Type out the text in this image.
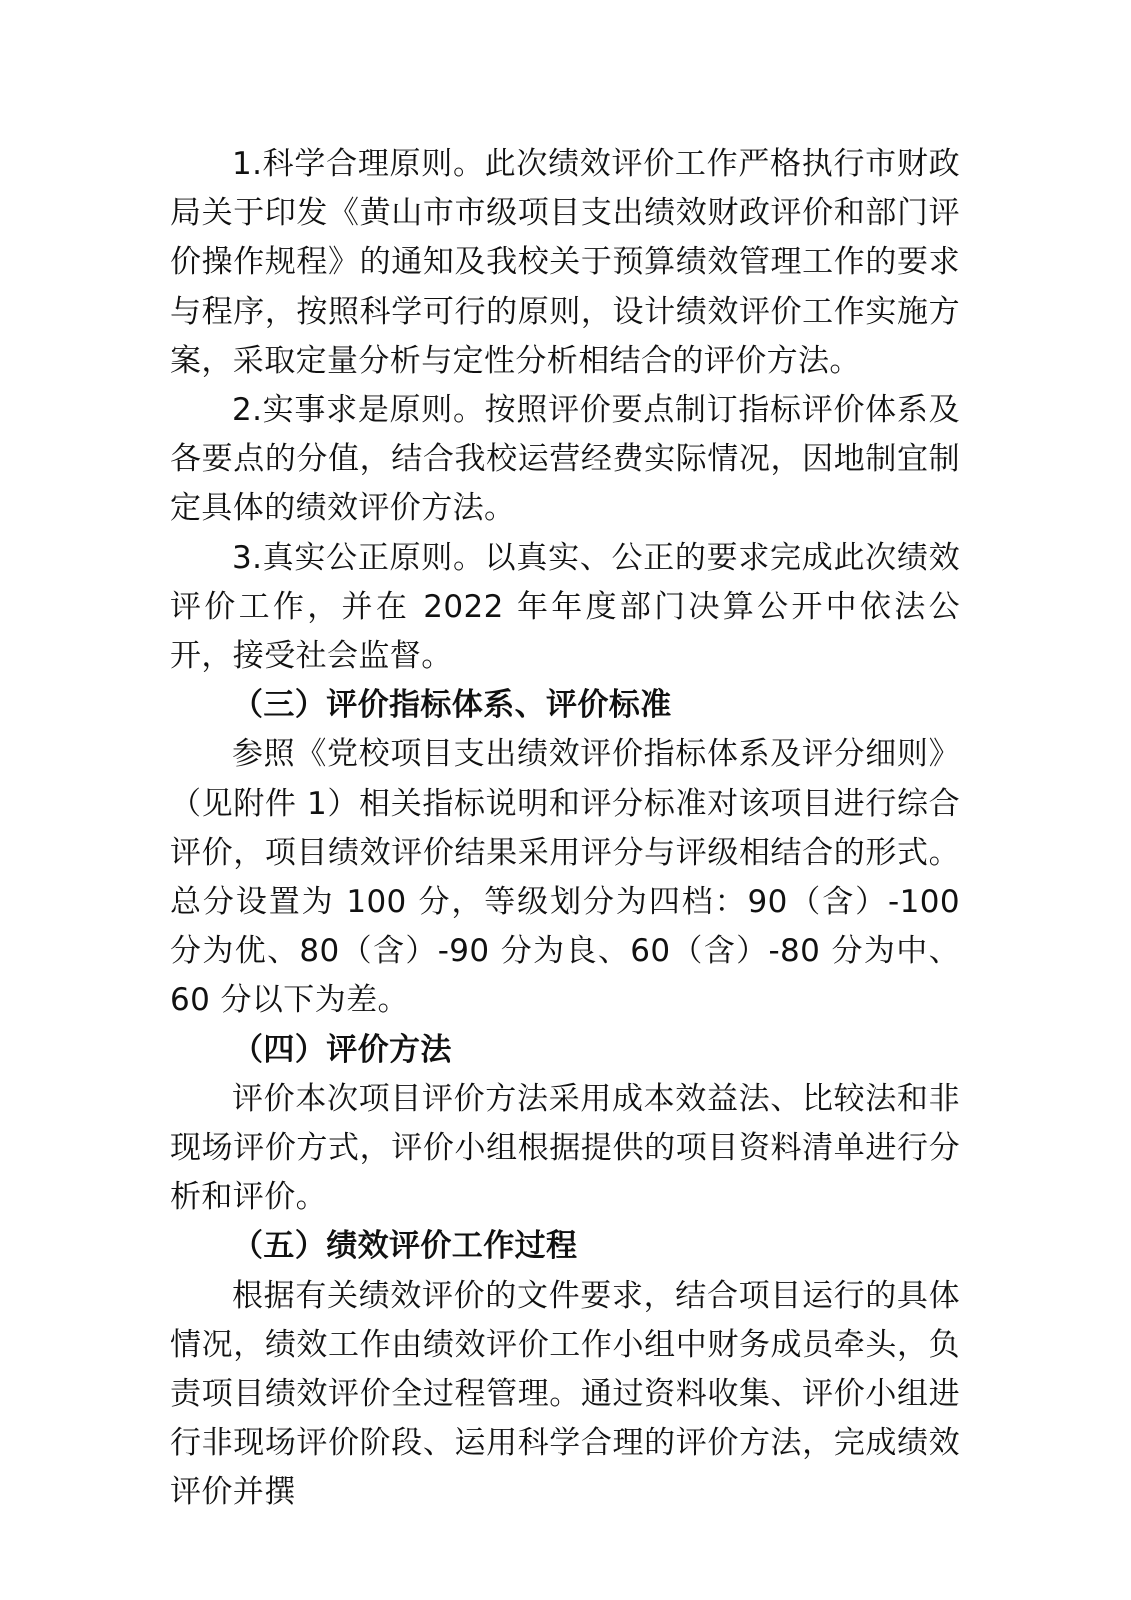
1.科学合理原则。此次绩效评价工作严格执行市财政局关于印发《黄山市市级项目支出绩效财政评价和部门评价操作规程》的通知及我校关于预算绩效管理工作的要求与程序，按照科学可行的原则，设计绩效评价工作实施方案，采取定量分析与定性分析相结合的评价方法。

2.实事求是原则。按照评价要点制订指标评价体系及各要点的分值，结合我校运营经费实际情况，因地制宜制定具体的绩效评价方法。

3.真实公正原则。以真实、公正的要求完成此次绩效评价工作，并在 2022 年年度部门决算公开中依法公开，接受社会监督。

（三）评价指标体系、评价标准

参照《党校项目支出绩效评价指标体系及评分细则》（见附件 1）相关指标说明和评分标准对该项目进行综合评价，项目绩效评价结果采用评分与评级相结合的形式。总分设置为 100 分，等级划分为四档：90（含）-100 分为优、80（含）-90 分为良、60（含）-80 分为中、60 分以下为差。

（四）评价方法

评价本次项目评价方法采用成本效益法、比较法和非现场评价方式，评价小组根据提供的项目资料清单进行分析和评价。

（五）绩效评价工作过程

根据有关绩效评价的文件要求，结合项目运行的具体情况，绩效工作由绩效评价工作小组中财务成员牵头，负责项目绩效评价全过程管理。通过资料收集、评价小组进行非现场评价阶段、运用科学合理的评价方法，完成绩效评价并撰
